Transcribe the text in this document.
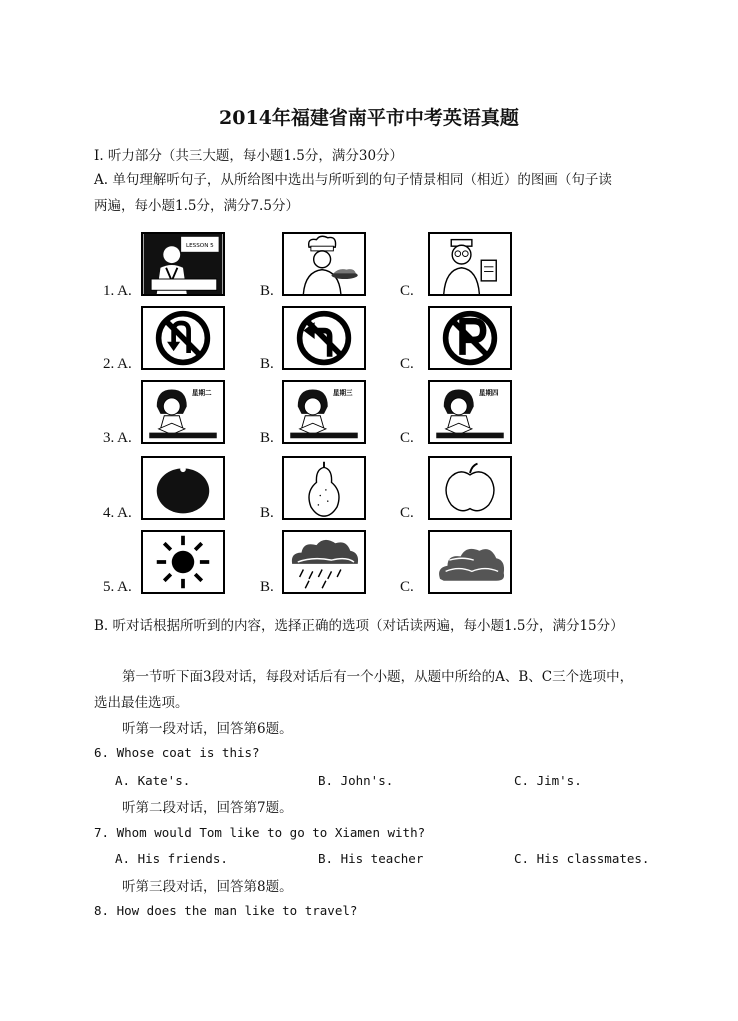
2014年福建省南平市中考英语真题
I. 听力部分（共三大题，每小题1.5分，满分30分）
A. 单句理解听句子，从所给图中选出与所听到的句子情景相同（相近）的图画（句子读
两遍，每小题1.5分，满分7.5分）
1. A.	B.	C.
2. A.	B.	C.
3. A.	B.	C.
4. A.	B.	C.
5. A.	B.	C.
LESSON 5
星期二	星期三	星期四
B. 听对话根据所听到的内容，选择正确的选项（对话读两遍，每小题1.5分，满分15分）
第一节听下面3段对话，每段对话后有一个小题，从题中所给的A、B、C三个选项中，
选出最佳选项。
听第一段对话，回答第6题。
6. Whose coat is this?
A. Kate's.	B. John's.	C. Jim's.
听第二段对话，回答第7题。
7. Whom would Tom like to go to Xiamen with?
A. His friends.	B. His teacher	C. His classmates.
听第三段对话，回答第8题。
8. How does the man like to travel?
